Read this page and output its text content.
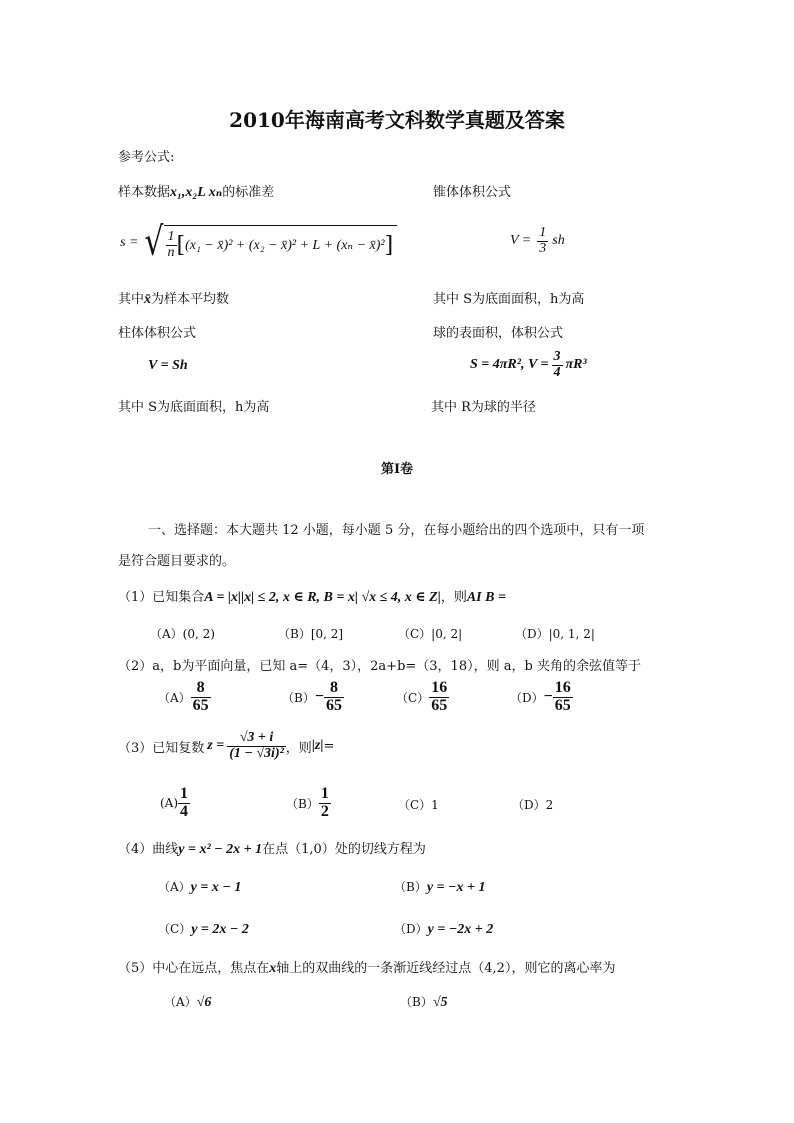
2010年海南高考文科数学真题及答案
参考公式:
样本数据x₁,x₂L xₙ的标准差	锥体体积公式
s = √ $\frac{1}{n}$ [ (x₁ − x̄)² + (x₂ − x̄)² + L + (xₙ − x̄)² ]	$V = \frac{1}{3}$ sh
其中x̄为样本平均数	其中 S为底面面积，h为高
柱体体积公式	球的表面积，体积公式
V = Sh	S = 4πR², $V = \frac{3}{4} \pi R^3$
其中 S为底面面积，h为高	其中 R为球的半径
第Ⅰ卷
一、选择题：本大题共 12 小题，每小题 5 分，在每小题给出的四个选项中，只有一项
是符合题目要求的。
（1）已知集合A = |x||x| ≤ 2, x ∈ R, B = x| √x ≤ 4, x ∈ Z|，则AI B =
（A）(0, 2)	（B）[0, 2]	（C）|0, 2|	（D）|0, 1, 2|
（2）a，b为平面向量，已知 a=（4，3），2a+b=（3，18），则 a，b 夹角的余弦值等于
$(A) \frac{8}{65}$	$(B) - \frac{8}{65}$	$(C) \frac{16}{65}$	$(D) - \frac{16}{65}$
（3）已知复数 $z = \frac{√3 + i}{\text{(1 − √3i)²}}$ ，则 |z| =
$(A) \frac{1}{4}$	$(B) \frac{1}{2}$	（C）1	（D）2
（4）曲线y = x² − 2x + 1在点（1,0）处的切线方程为
（A）y = x − 1	（B）y = −x + 1
（C）y = 2x − 2	（D）y = −2x + 2
（5）中心在远点，焦点在x轴上的双曲线的一条渐近线经过点（4,2），则它的离心率为
（A）√6	（B）√5
